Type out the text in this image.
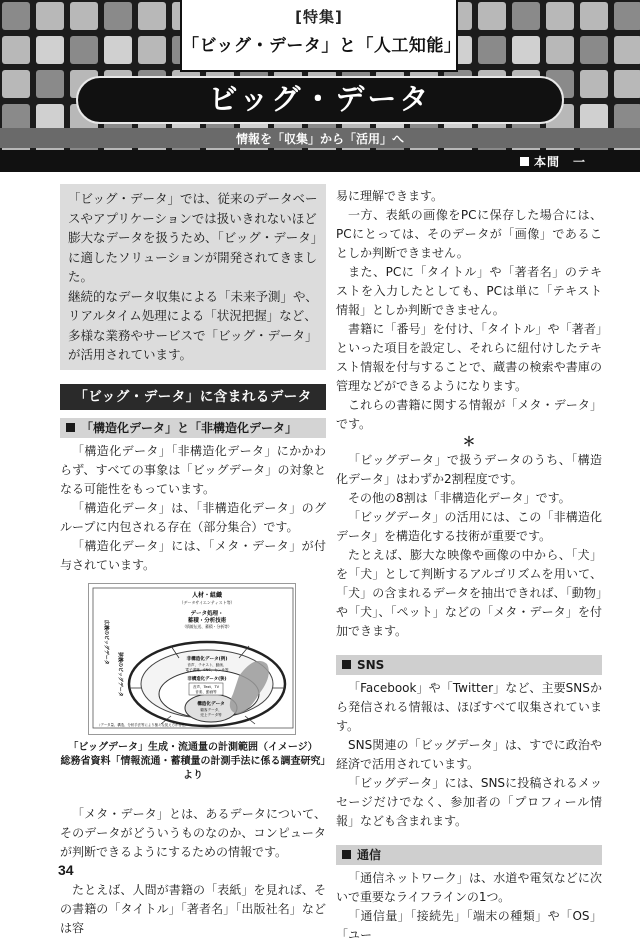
[特集]
「ビッグ・データ」と「人工知能」
ビッグ・データ
情報を「収集」から「活用」へ
本間　一

「ビッグ・データ」では、従来のデータベースやアプリケーションでは扱いきれないほど膨大なデータを扱うため、「ビッグ・データ」に適したソリューションが開発されてきました。

継続的なデータ収集による「未来予測」や、リアルタイム処理による「状況把握」など、多様な業務やサービスで「ビッグ・データ」が活用されています。

「ビッグ・データ」に含まれるデータ
「構造化データ」と「非構造化データ」

「構造化データ」「非構造化データ」にかかわらず、すべての事象は「ビッグデータ」の対象となる可能性をもっています。

「構造化データ」は、「非構造化データ」のグループに内包される存在（部分集合）です。

「構造化データ」には、「メタ・データ」が付与されています。

人材・組織
（データサイエンティスト等）
データ処理・
蓄積・分析技術
（情報伝送、蓄積・分析等）
広義のビッグデータ
狭義のビッグデータ	非構造化データ(例)
音声、テキスト、動画、
電子書籍、SNS、センサ等
非構造化データ(狭)
音声、Text、TV
音楽、動画等
構造化データ
顧客データ、
売上データ等
（データ量、構造、分析手法等により様々な捉え方が存在）
「ビッグデータ」生成・流通量の計測範囲（イメージ）
総務省資料「情報流通・蓄積量の計測手法に係る調査研究」より

「メタ・データ」とは、あるデータについて、そのデータがどういうものなのか、コンピュータが判断できるようにするための情報です。

たとえば、人間が書籍の「表紙」を見れば、その書籍の「タイトル」「著者名」「出版社名」などは容

易に理解できます。

一方、表紙の画像をPCに保存した場合には、PCにとっては、そのデータが「画像」であることしか判断できません。

また、PCに「タイトル」や「著者名」のテキストを入力したとしても、PCは単に「テキスト情報」としか判断できません。

書籍に「番号」を付け、「タイトル」や「著者」といった項目を設定し、それらに紐付けしたテキスト情報を付与することで、蔵書の検索や書庫の管理などができるようになります。

これらの書籍に関する情報が「メタ・データ」です。

＊

「ビッグデータ」で扱うデータのうち、「構造化データ」はわずか2割程度です。

その他の8割は「非構造化データ」です。

「ビッグデータ」の活用には、この「非構造化データ」を構造化する技術が重要です。

たとえば、膨大な映像や画像の中から、「犬」を「犬」として判断するアルゴリズムを用いて、「犬」の含まれるデータを抽出できれば、「動物」や「犬」、「ペット」などの「メタ・データ」を付加できます。

SNS

「Facebook」や「Twitter」など、主要SNSから発信される情報は、ほぼすべて収集されています。

SNS関連の「ビッグデータ」は、すでに政治や経済で活用されています。

「ビッグデータ」には、SNSに投稿されるメッセージだけでなく、参加者の「プロフィール情報」なども含まれます。

通信

「通信ネットワーク」は、水道や電気などに次いで重要なライフラインの1つ。

「通信量」「接続先」「端末の種類」や「OS」「ユー

34
